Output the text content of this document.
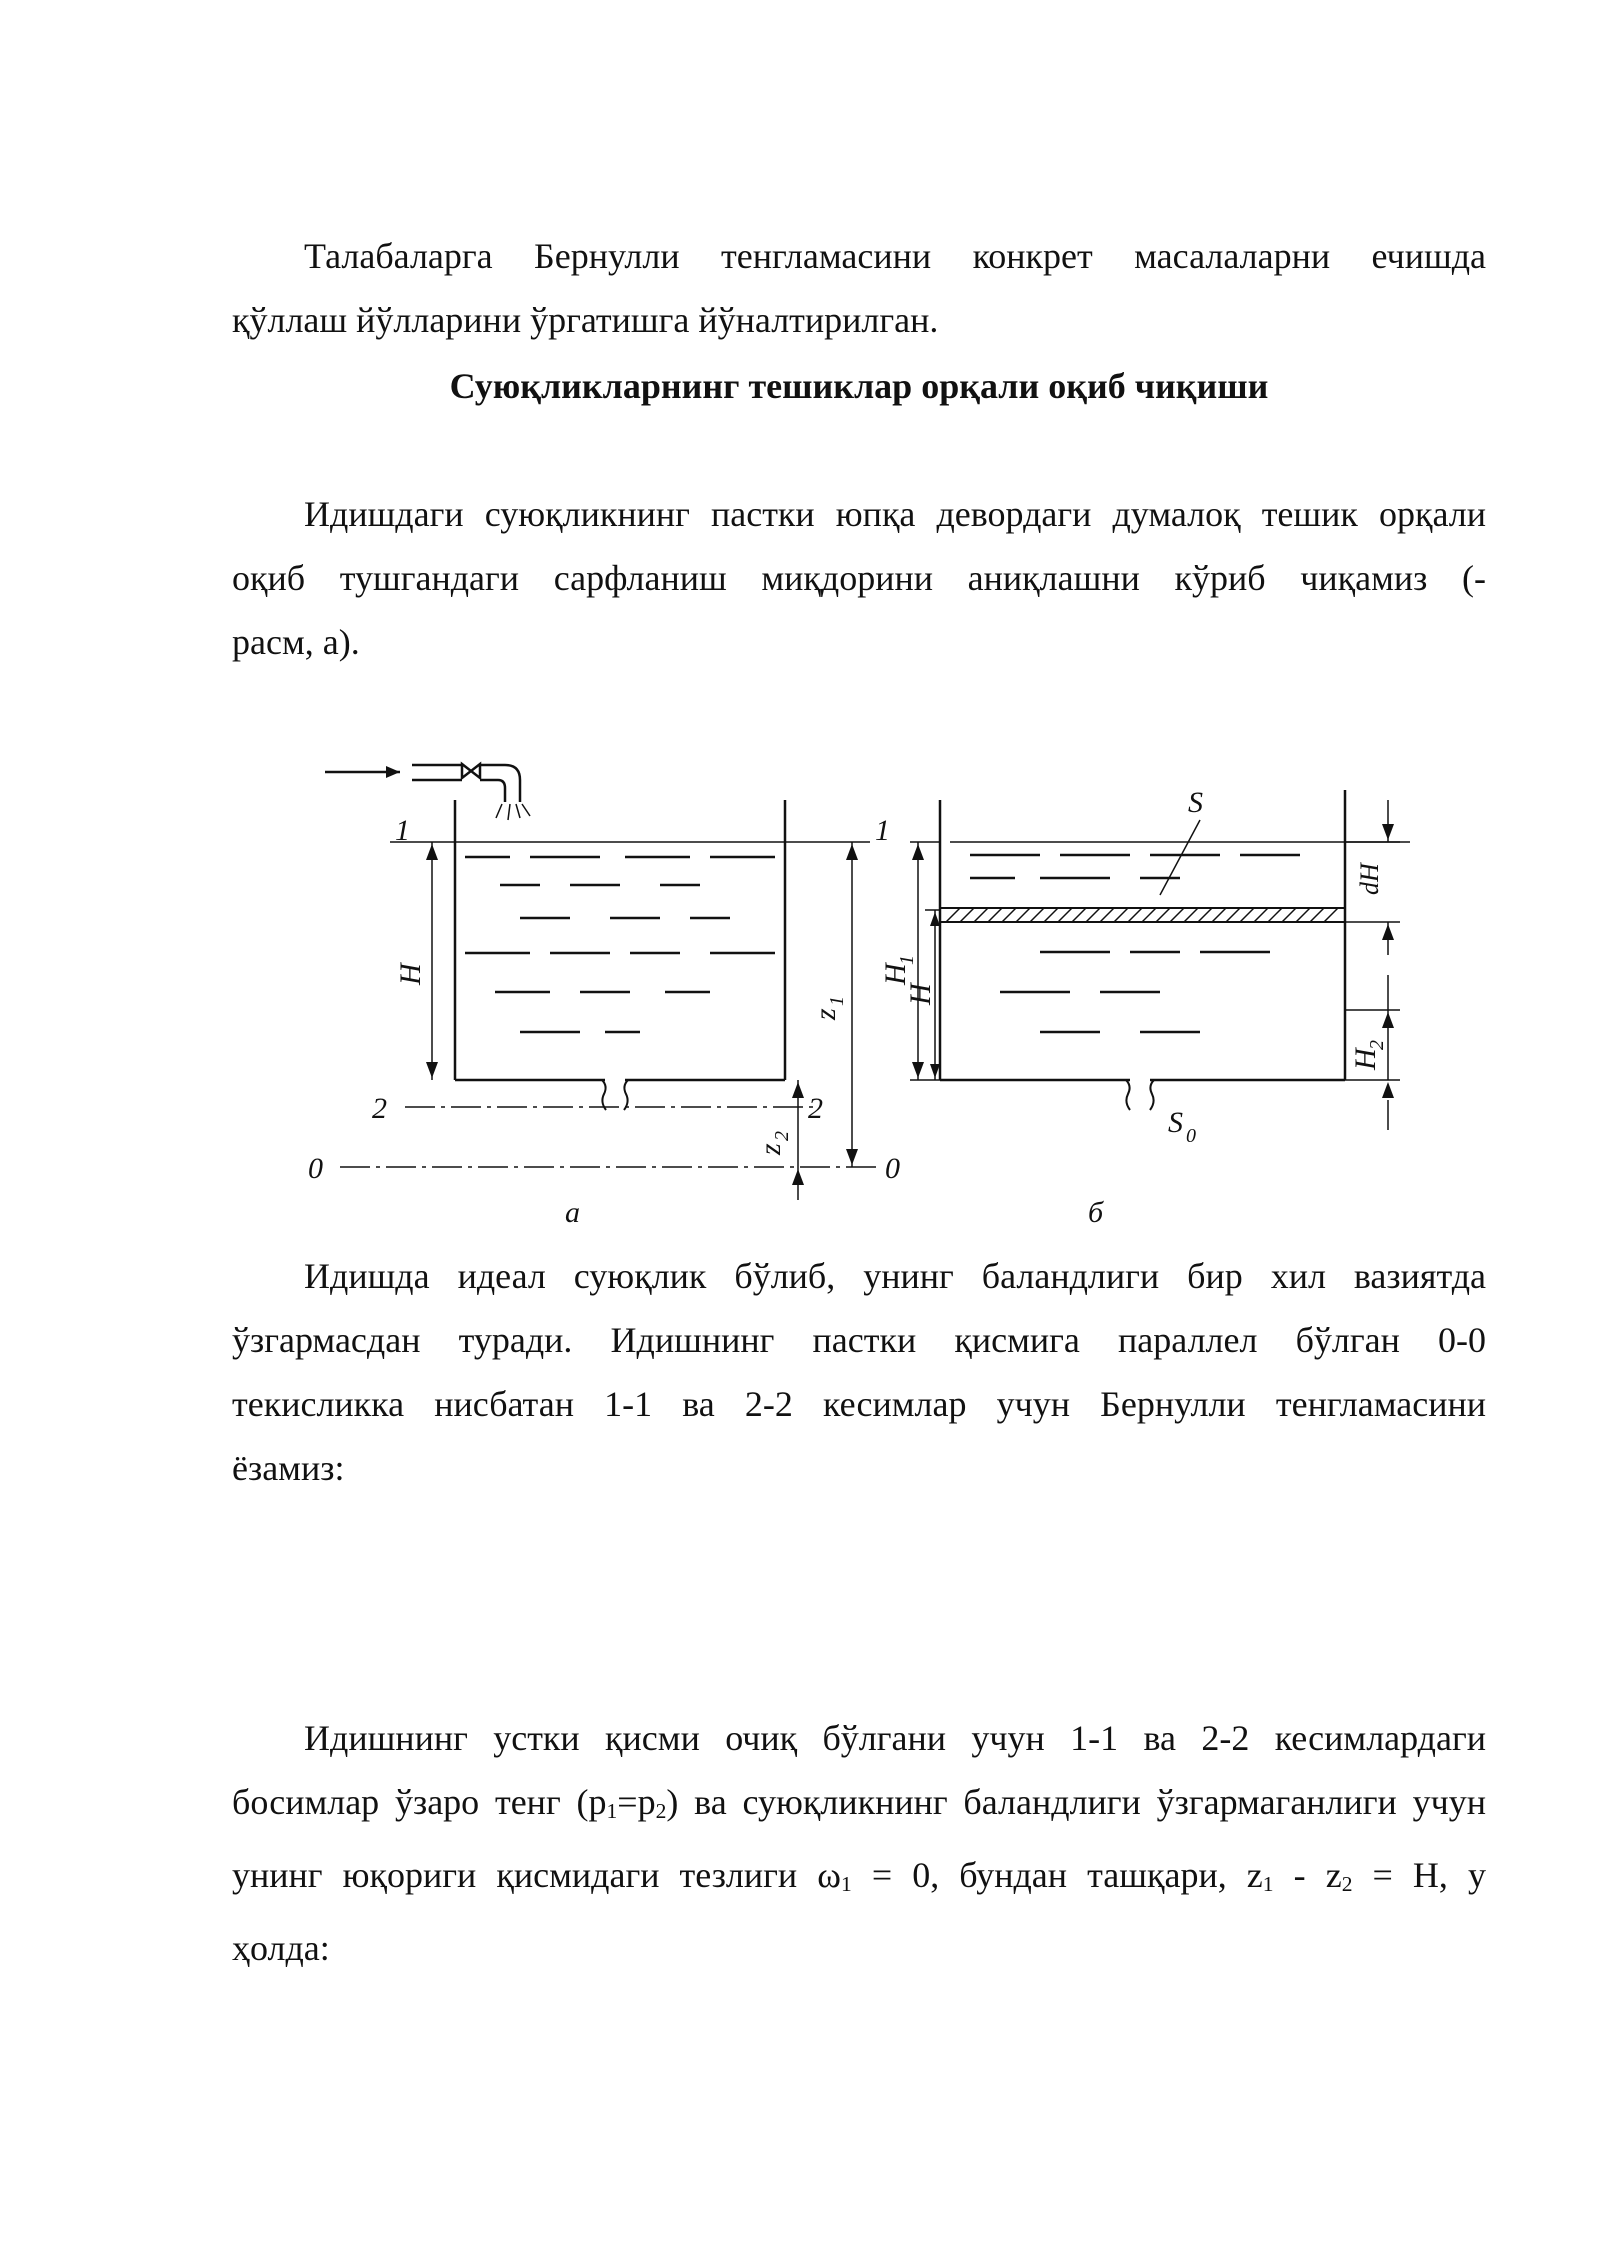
Талабаларга Бернулли тенгламасини конкрет масалаларни ечишда
қўллаш йўлларини ўргатишга йўналтирилган.
Суюқликларнинг тешиклар орқали оқиб чиқиши
Идишдаги суюқликнинг пастки юпқа девордаги думалоқ тешик орқали
оқиб тушгандаги сарфланиш миқдорини аниқлашни кўриб чиқамиз ( -
расм, а).
1	1
2	2
0	0
H
z
1
z
2
a
S
dH
H
1
H
H
2
S 0
б
Идишда идеал суюқлик бўлиб, унинг баландлиги бир хил вазиятда
ўзгармасдан туради. Идишнинг пастки қисмига параллел бўлган 0-0
текисликка нисбатан 1-1 ва 2-2 кесимлар учун Бернулли тенгламасини
ёзамиз:
Идишнинг устки қисми очиқ бўлгани учун 1-1 ва 2-2 кесимлардаги
босимлар ўзаро тенг $(p_1=p_2)$ ва суюқликнинг баландлиги ўзгармаганлиги учун
унинг юқориги қисмидаги тезлиги $\omega_1 = 0$, бундан ташқари, $z_1 - z_2 = H$, у
ҳолда:
